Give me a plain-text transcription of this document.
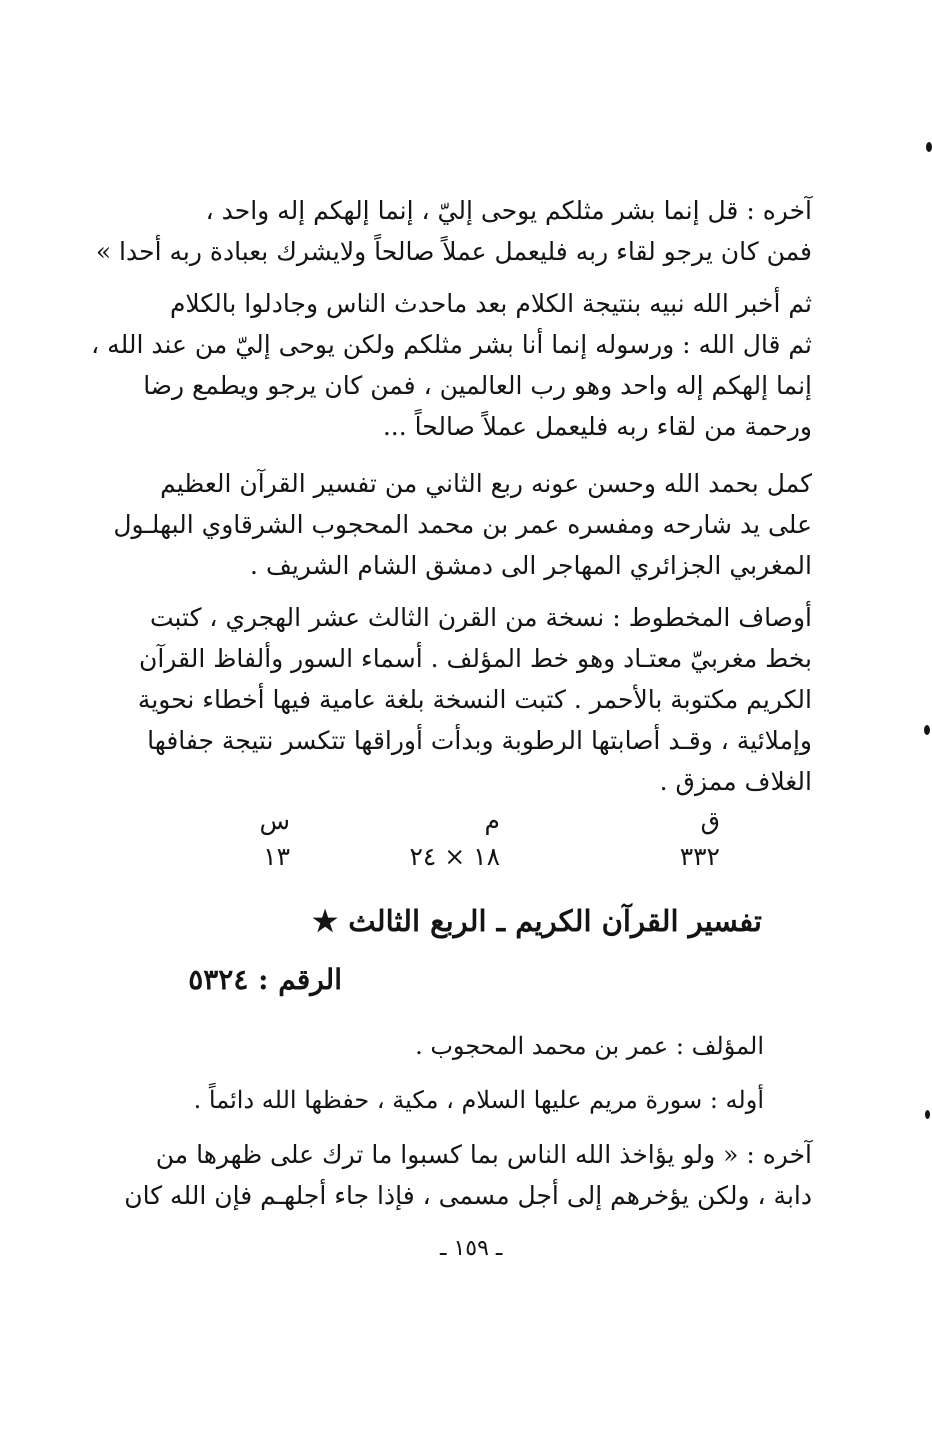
آخره : قل إنما بشر مثلكم يوحى إليّ ، إنما إلهكم إله واحد ،
فمن كان يرجو لقاء ربه فليعمل عملاً صالحاً ولايشرك بعبادة ربه أحدا »
ثم أخبر الله نبيه بنتيجة الكلام بعد ماحدث الناس وجادلوا بالكلام
ثم قال الله : ورسوله إنما أنا بشر مثلكم ولكن يوحى إليّ من عند الله ،
إنما إلهكم إله واحد وهو رب العالمين ، فمن كان يرجو ويطمع رضا
ورحمة من لقاء ربه فليعمل عملاً صالحاً ...
كمل بحمد الله وحسن عونه ربع الثاني من تفسير القرآن العظيم
على يد شارحه ومفسره عمر بن محمد المحجوب الشرقاوي البهلـول
المغربي الجزائري المهاجر الى دمشق الشام الشريف .
أوصاف المخطوط : نسخة من القرن الثالث عشر الهجري ، كتبت
بخط مغربيّ معتـاد وهو خط المؤلف . أسماء السور وألفاظ القرآن
الكريم مكتوبة بالأحمر . كتبت النسخة بلغة عامية فيها أخطاء نحوية
وإملائية ، وقـد أصابتها الرطوبة وبدأت أوراقها تتكسر نتيجة جفافها
الغلاف ممزق .
ق
م
س
٣٣٢
١٨ × ٢٤
١٣
تفسير القرآن الكريم ـ الربع الثالث ★
الرقم : ٥٣٢٤
المؤلف : عمر بن محمد المحجوب .
أوله : سورة مريم عليها السلام ، مكية ، حفظها الله دائماً .
آخره : « ولو يؤاخذ الله الناس بما كسبوا ما ترك على ظهرها من
دابة ، ولكن يؤخرهم إلى أجل مسمى ، فإذا جاء أجلهـم فإن الله كان
ـ ١٥٩ ـ
